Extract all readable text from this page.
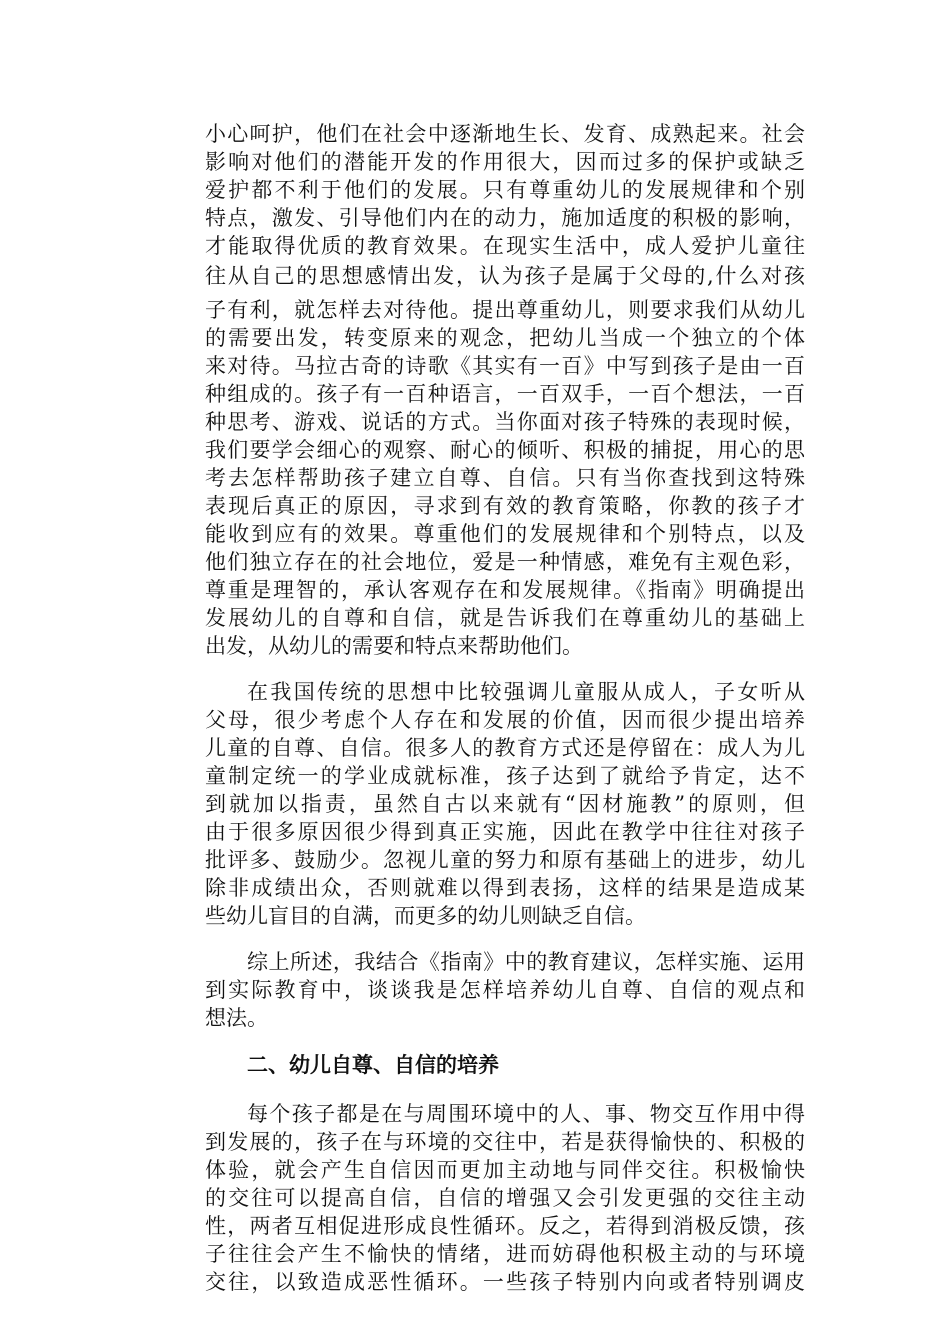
小心呵护，他们在社会中逐渐地生长、发育、成熟起来。社会
影响对他们的潜能开发的作用很大，因而过多的保护或缺乏
爱护都不利于他们的发展。只有尊重幼儿的发展规律和个别
特点，激发、引导他们内在的动力，施加适度的积极的影响，
才能取得优质的教育效果。在现实生活中，成人爱护儿童往
往从自己的思想感情出发，认为孩子是属于父母的,什么对孩
子有利，就怎样去对待他。提出尊重幼儿，则要求我们从幼儿
的需要出发，转变原来的观念，把幼儿当成一个独立的个体
来对待。马拉古奇的诗歌《其实有一百》中写到孩子是由一百
种组成的。孩子有一百种语言，一百双手，一百个想法，一百
种思考、游戏、说话的方式。当你面对孩子特殊的表现时候，
我们要学会细心的观察、耐心的倾听、积极的捕捉，用心的思
考去怎样帮助孩子建立自尊、自信。只有当你查找到这特殊
表现后真正的原因，寻求到有效的教育策略，你教的孩子才
能收到应有的效果。尊重他们的发展规律和个别特点，以及
他们独立存在的社会地位，爱是一种情感，难免有主观色彩，
尊重是理智的，承认客观存在和发展规律。《指南》明确提出
发展幼儿的自尊和自信，就是告诉我们在尊重幼儿的基础上
出发，从幼儿的需要和特点来帮助他们。
在我国传统的思想中比较强调儿童服从成人，子女听从
父母，很少考虑个人存在和发展的价值，因而很少提出培养
儿童的自尊、自信。很多人的教育方式还是停留在：成人为儿
童制定统一的学业成就标准，孩子达到了就给予肯定，达不
到就加以指责，虽然自古以来就有“因材施教”的原则，但
由于很多原因很少得到真正实施，因此在教学中往往对孩子
批评多、鼓励少。忽视儿童的努力和原有基础上的进步，幼儿
除非成绩出众，否则就难以得到表扬，这样的结果是造成某
些幼儿盲目的自满，而更多的幼儿则缺乏自信。
综上所述，我结合《指南》中的教育建议，怎样实施、运用
到实际教育中，谈谈我是怎样培养幼儿自尊、自信的观点和
想法。
二、幼儿自尊、自信的培养
每个孩子都是在与周围环境中的人、事、物交互作用中得
到发展的，孩子在与环境的交往中，若是获得愉快的、积极的
体验，就会产生自信因而更加主动地与同伴交往。积极愉快
的交往可以提高自信，自信的增强又会引发更强的交往主动
性，两者互相促进形成良性循环。反之，若得到消极反馈，孩
子往往会产生不愉快的情绪，进而妨碍他积极主动的与环境
交往，以致造成恶性循环。一些孩子特别内向或者特别调皮
